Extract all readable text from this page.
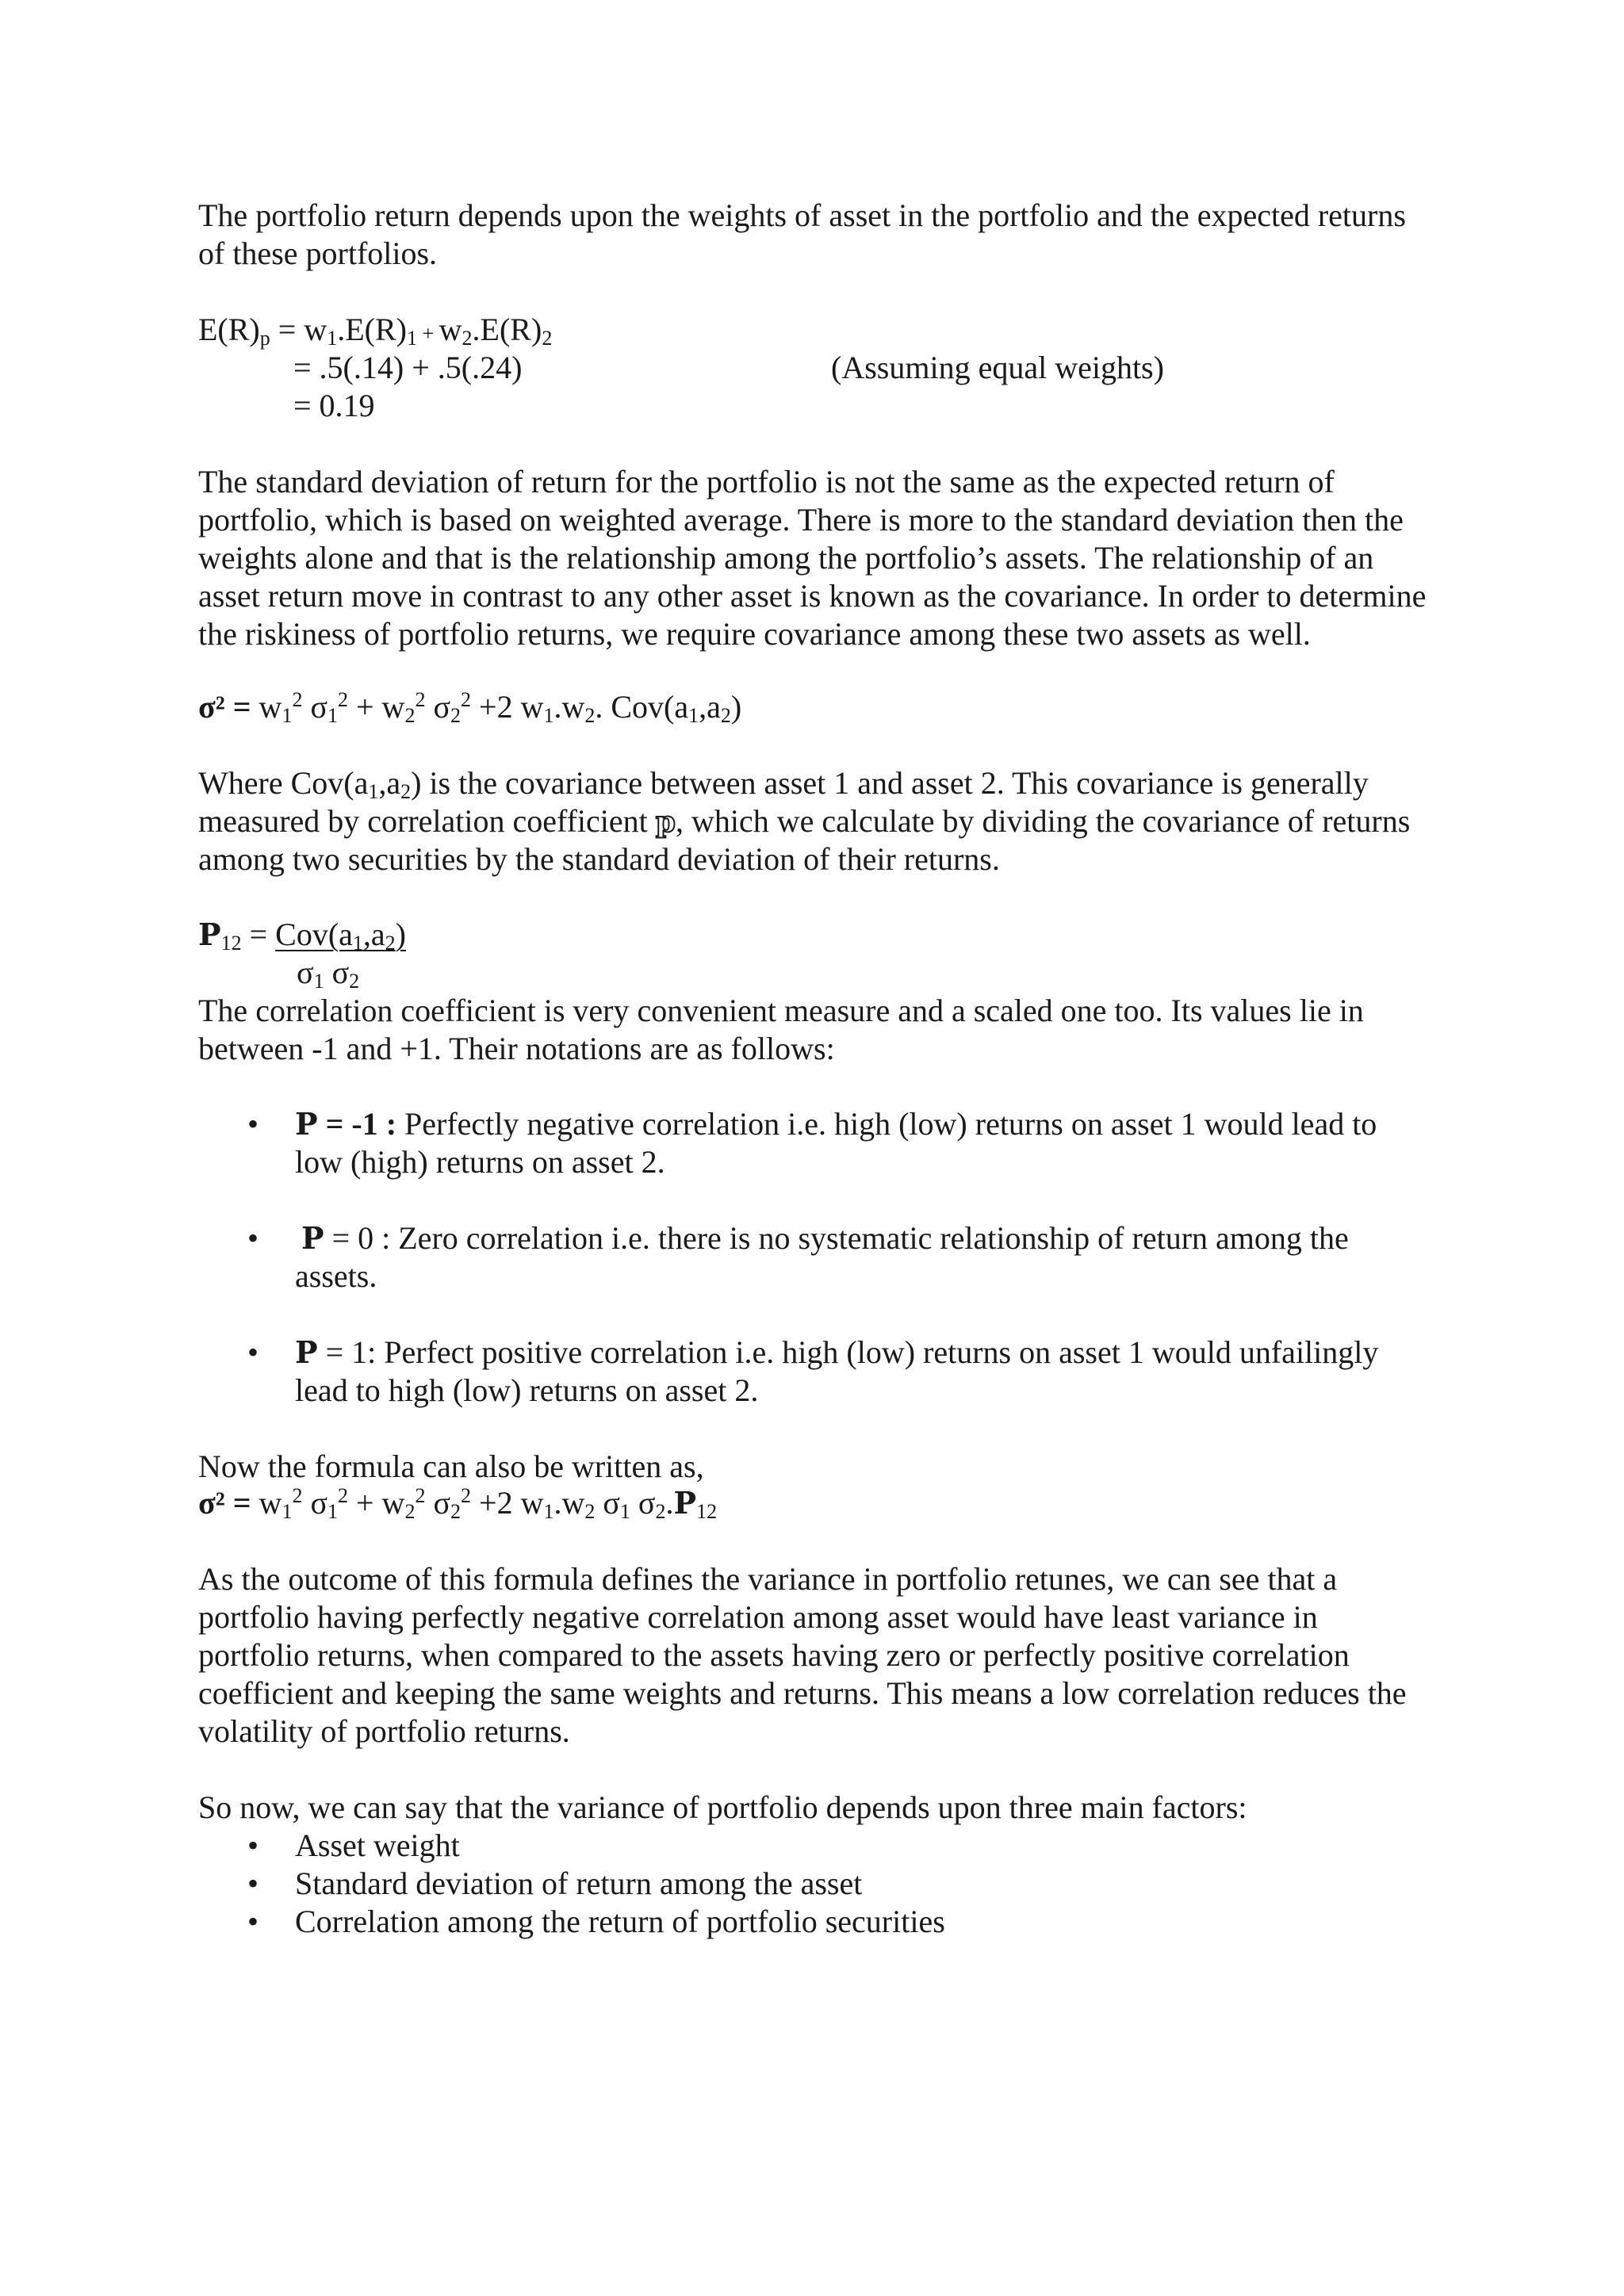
The portfolio return depends upon the weights of asset in the portfolio and the expected returns
of these portfolios.
$E(R)_p = w_1.E(R)_1 + w_2.E(R)_2$
= .5(.14) + .5(.24)	(Assuming equal weights)
= 0.19
The standard deviation of return for the portfolio is not the same as the expected return of
portfolio, which is based on weighted average. There is more to the standard deviation then the
weights alone and that is the relationship among the portfolio’s assets. The relationship of an
asset return move in contrast to any other asset is known as the covariance. In order to determine
the riskiness of portfolio returns, we require covariance among these two assets as well.
$\sigma^2 = w_1^2$ $\sigma_1^2 + w_2^2$ $\sigma_2^2 +2$ $w_1.w_2$. $Cov(a_1,a_2)$
Where $Cov(a_1,a_2)$ is the covariance between asset 1 and asset 2. This covariance is generally
measured by correlation coefficient p, which we calculate by dividing the covariance of returns
among two securities by the standard deviation of their returns.
$P_{12} = Cov(a_1,a_2)$
$\sigma_1$ $\sigma_2$
The correlation coefficient is very convenient measure and a scaled one too. Its values lie in
between -1 and +1. Their notations are as follows:
• P = -1 : Perfectly negative correlation i.e. high (low) returns on asset 1 would lead to
low (high) returns on asset 2.
• P = 0 : Zero correlation i.e. there is no systematic relationship of return among the
assets.
• P = 1: Perfect positive correlation i.e. high (low) returns on asset 1 would unfailingly
lead to high (low) returns on asset 2.
Now the formula can also be written as,
$\sigma^2 = w_1^2$ $\sigma_1^2 + w_2^2$ $\sigma_2^2 +2$ $w_1.w_2$ $\sigma_1$ $\sigma_2.P_{12}$
As the outcome of this formula defines the variance in portfolio retunes, we can see that a
portfolio having perfectly negative correlation among asset would have least variance in
portfolio returns, when compared to the assets having zero or perfectly positive correlation
coefficient and keeping the same weights and returns. This means a low correlation reduces the
volatility of portfolio returns.
So now, we can say that the variance of portfolio depends upon three main factors:
• Asset weight
• Standard deviation of return among the asset
• Correlation among the return of portfolio securities
